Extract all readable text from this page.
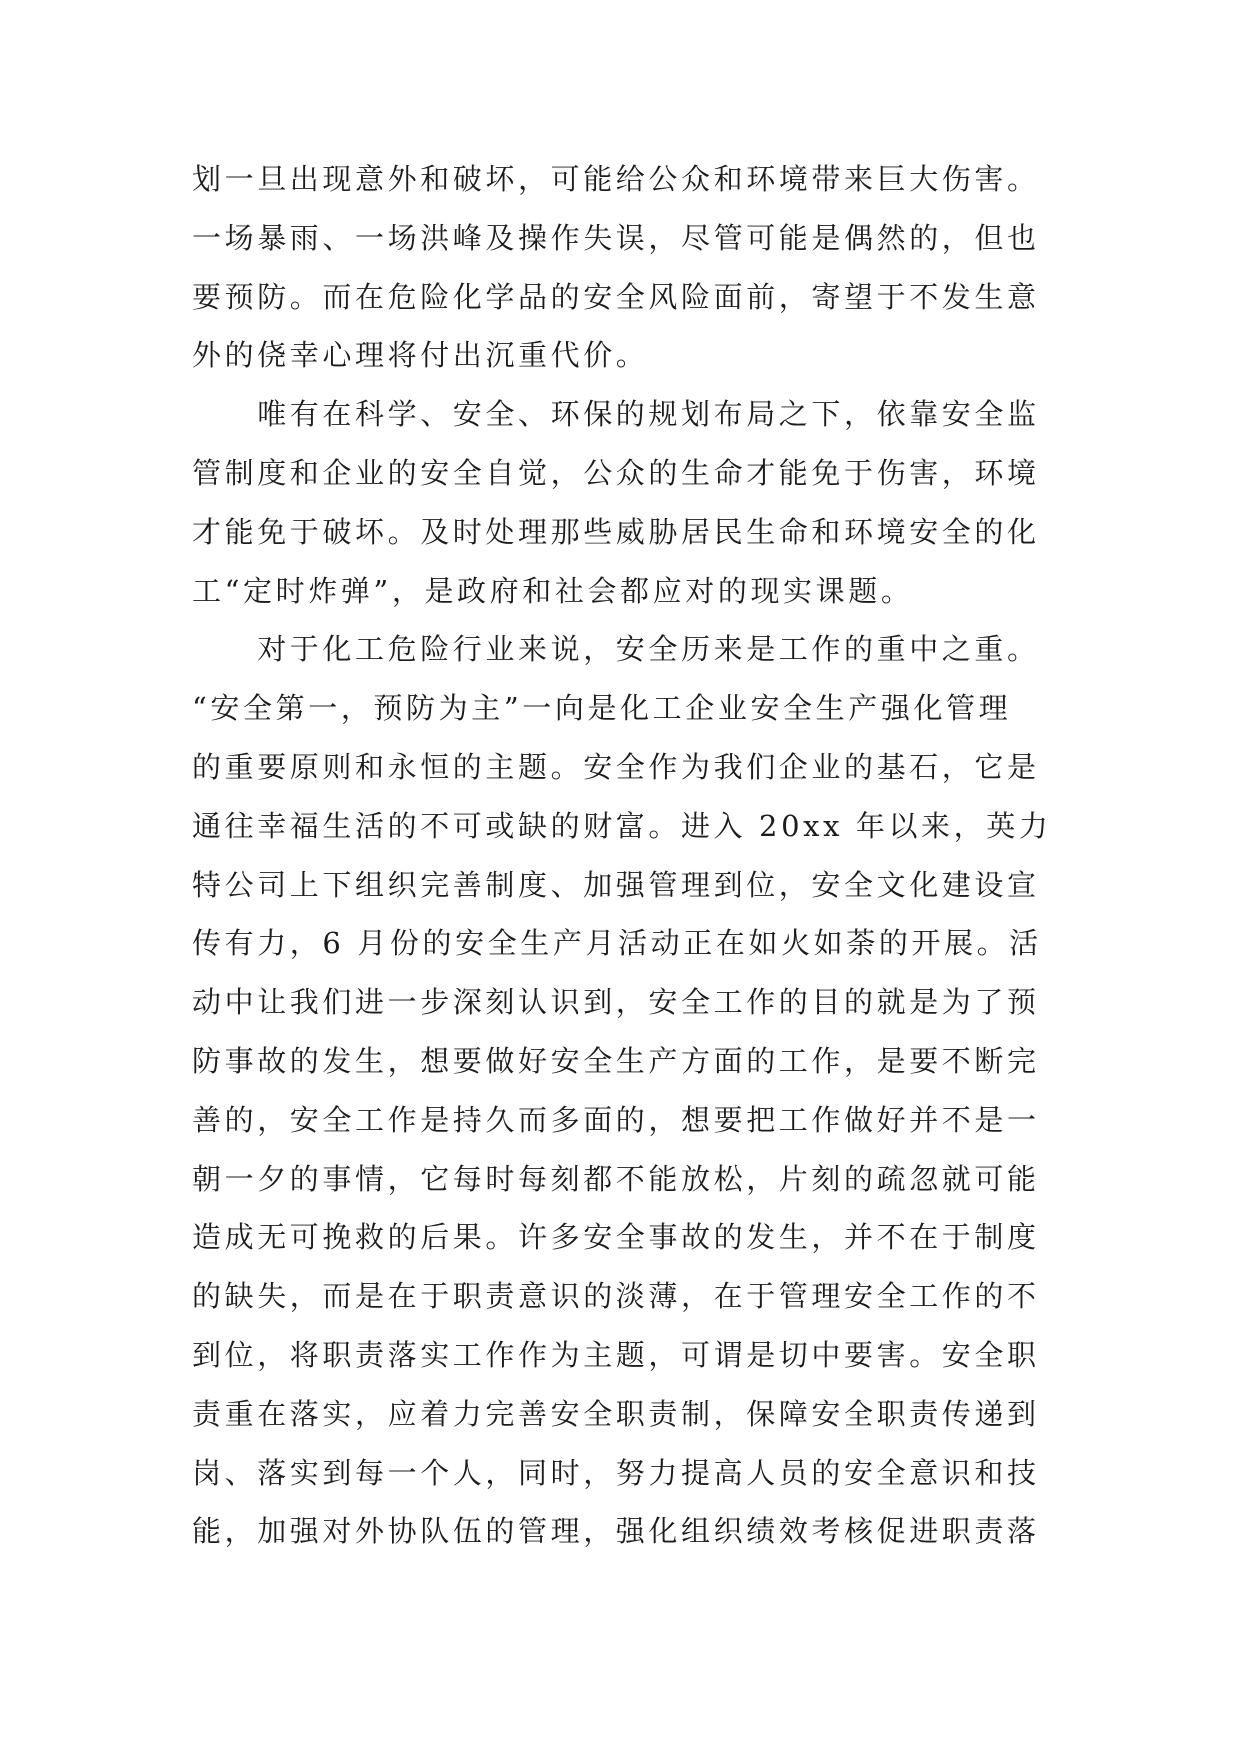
划一旦出现意外和破坏，可能给公众和环境带来巨大伤害。
一场暴雨、一场洪峰及操作失误，尽管可能是偶然的，但也
要预防。而在危险化学品的安全风险面前，寄望于不发生意
外的侥幸心理将付出沉重代价。
　　唯有在科学、安全、环保的规划布局之下，依靠安全监
管制度和企业的安全自觉，公众的生命才能免于伤害，环境
才能免于破坏。及时处理那些威胁居民生命和环境安全的化
工“定时炸弹”，是政府和社会都应对的现实课题。
　　对于化工危险行业来说，安全历来是工作的重中之重。
“安全第一，预防为主”一向是化工企业安全生产强化管理
的重要原则和永恒的主题。安全作为我们企业的基石，它是
通往幸福生活的不可或缺的财富。进入 20xx 年以来，英力
特公司上下组织完善制度、加强管理到位，安全文化建设宣
传有力，6 月份的安全生产月活动正在如火如荼的开展。活
动中让我们进一步深刻认识到，安全工作的目的就是为了预
防事故的发生，想要做好安全生产方面的工作，是要不断完
善的，安全工作是持久而多面的，想要把工作做好并不是一
朝一夕的事情，它每时每刻都不能放松，片刻的疏忽就可能
造成无可挽救的后果。许多安全事故的发生，并不在于制度
的缺失，而是在于职责意识的淡薄，在于管理安全工作的不
到位，将职责落实工作作为主题，可谓是切中要害。安全职
责重在落实，应着力完善安全职责制，保障安全职责传递到
岗、落实到每一个人，同时，努力提高人员的安全意识和技
能，加强对外协队伍的管理，强化组织绩效考核促进职责落
